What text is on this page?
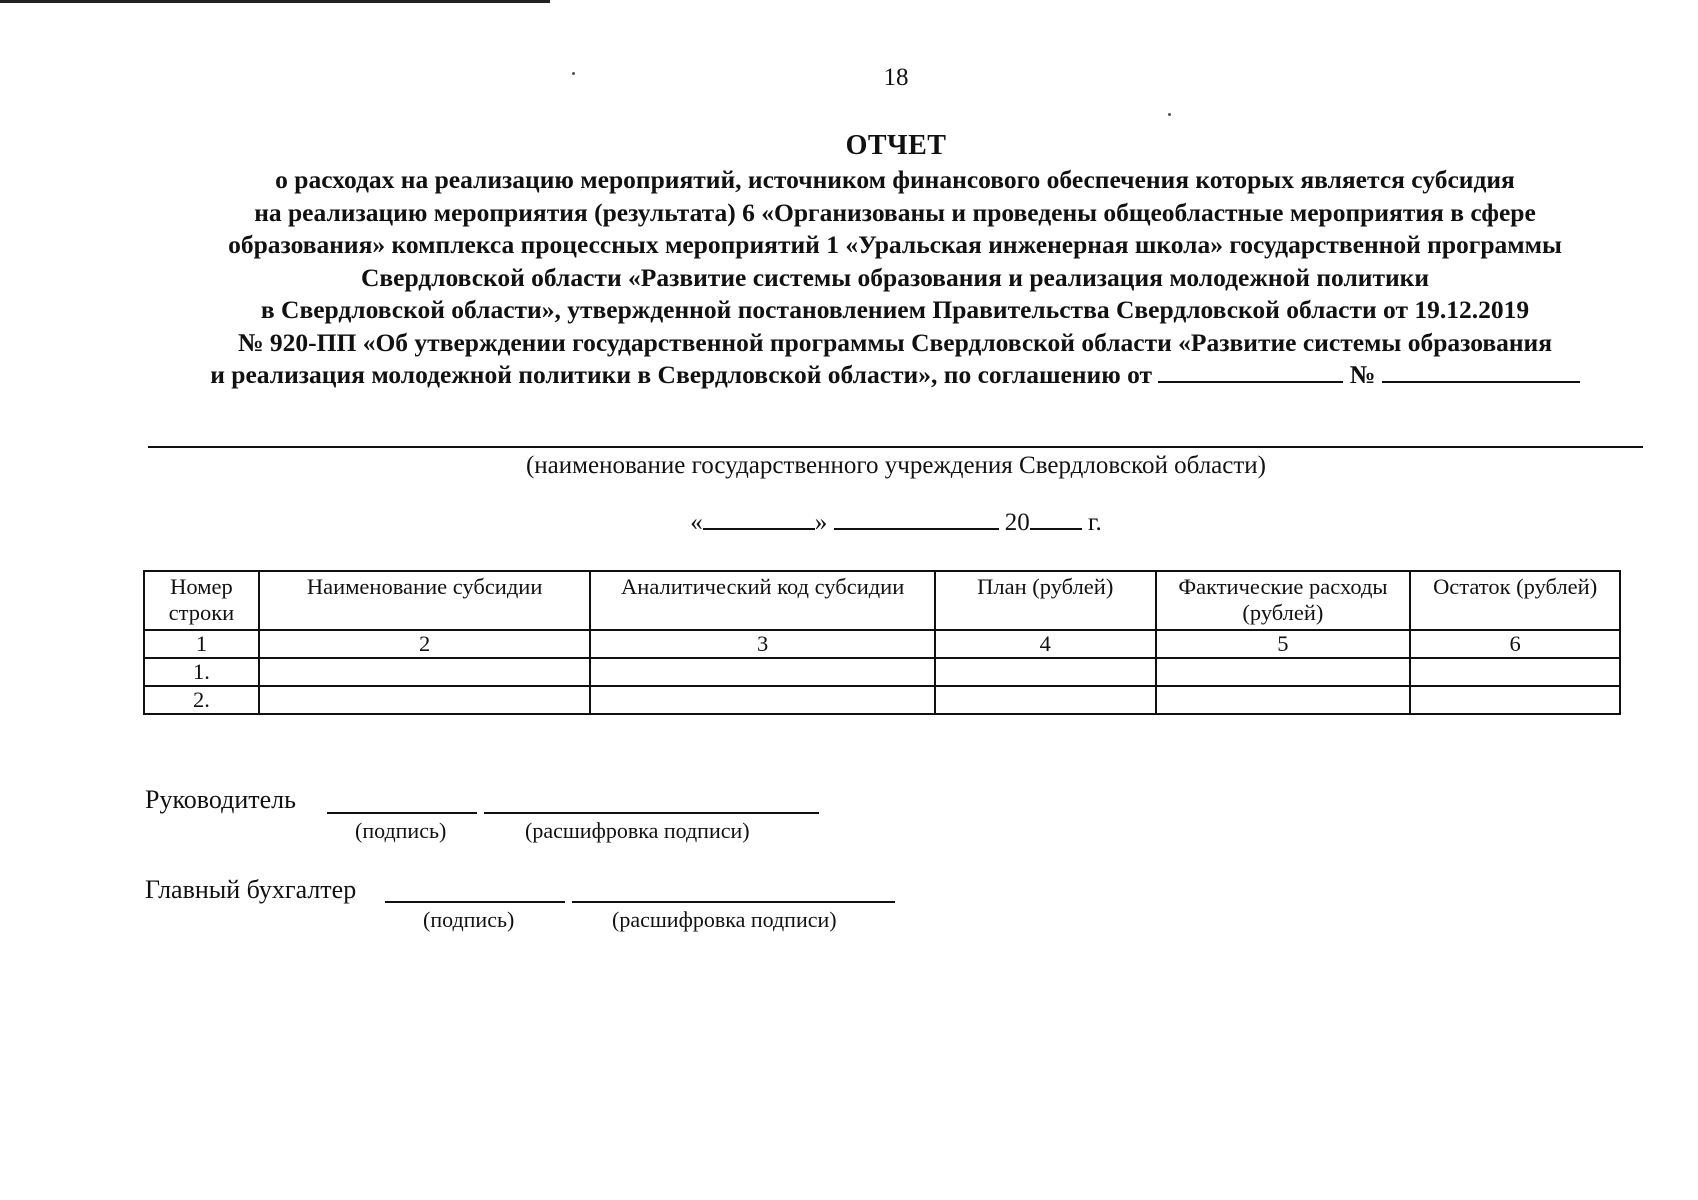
18
ОТЧЕТ
о расходах на реализацию мероприятий, источником финансового обеспечения которых является субсидия
на реализацию мероприятия (результата) 6 «Организованы и проведены общеобластные мероприятия в сфере
образования» комплекса процессных мероприятий 1 «Уральская инженерная школа» государственной программы
Свердловской области «Развитие системы образования и реализация молодежной политики
в Свердловской области», утвержденной постановлением Правительства Свердловской области от 19.12.2019
№ 920-ПП «Об утверждении государственной программы Свердловской области «Развитие системы образования
и реализация молодежной политики в Свердловской области», по соглашению от	№
(наименование государственного учреждения Свердловской области)
«	»	20 г.
Номер строки	Наименование субсидии	Аналитический код субсидии	План (рублей)	Фактические расходы (рублей)	Остаток (рублей)
1	2	3	4	5	6
1.					
2.					
Руководитель
(подпись)	(расшифровка подписи)
Главный бухгалтер
(подпись)	(расшифровка подписи)
